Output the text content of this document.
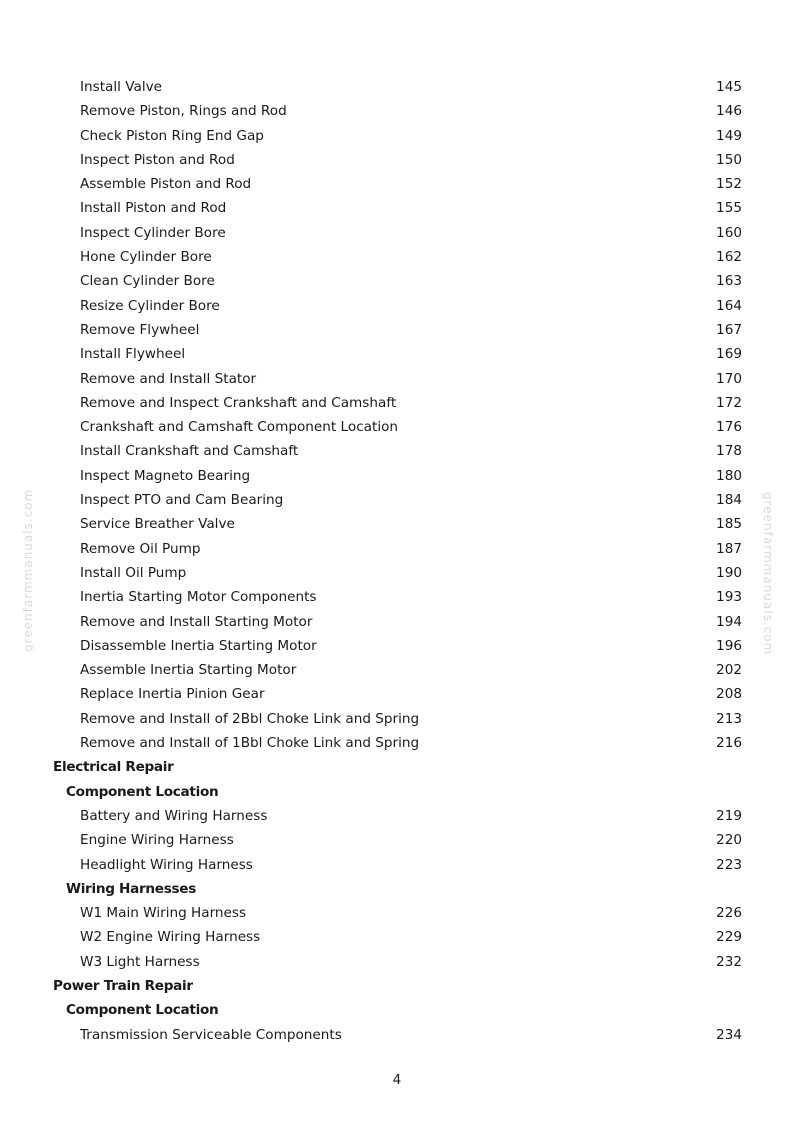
Install Valve	145
Remove Piston, Rings and Rod	146
Check Piston Ring End Gap	149
Inspect Piston and Rod	150
Assemble Piston and Rod	152
Install Piston and Rod	155
Inspect Cylinder Bore	160
Hone Cylinder Bore	162
Clean Cylinder Bore	163
Resize Cylinder Bore	164
Remove Flywheel	167
Install Flywheel	169
Remove and Install Stator	170
Remove and Inspect Crankshaft and Camshaft	172
Crankshaft and Camshaft Component Location	176
Install Crankshaft and Camshaft	178
Inspect Magneto Bearing	180
Inspect PTO and Cam Bearing	184
Service Breather Valve	185
Remove Oil Pump	187
Install Oil Pump	190
Inertia Starting Motor Components	193
Remove and Install Starting Motor	194
Disassemble Inertia Starting Motor	196
Assemble Inertia Starting Motor	202
Replace Inertia Pinion Gear	208
Remove and Install of 2Bbl Choke Link and Spring	213
Remove and Install of 1Bbl Choke Link and Spring	216
Electrical Repair
Component Location
Battery and Wiring Harness	219
Engine Wiring Harness	220
Headlight Wiring Harness	223
Wiring Harnesses
W1 Main Wiring Harness	226
W2 Engine Wiring Harness	229
W3 Light Harness	232
Power Train Repair
Component Location
Transmission Serviceable Components	234
greenfarmmanuals.com	greenfarmmanuals.com
4
